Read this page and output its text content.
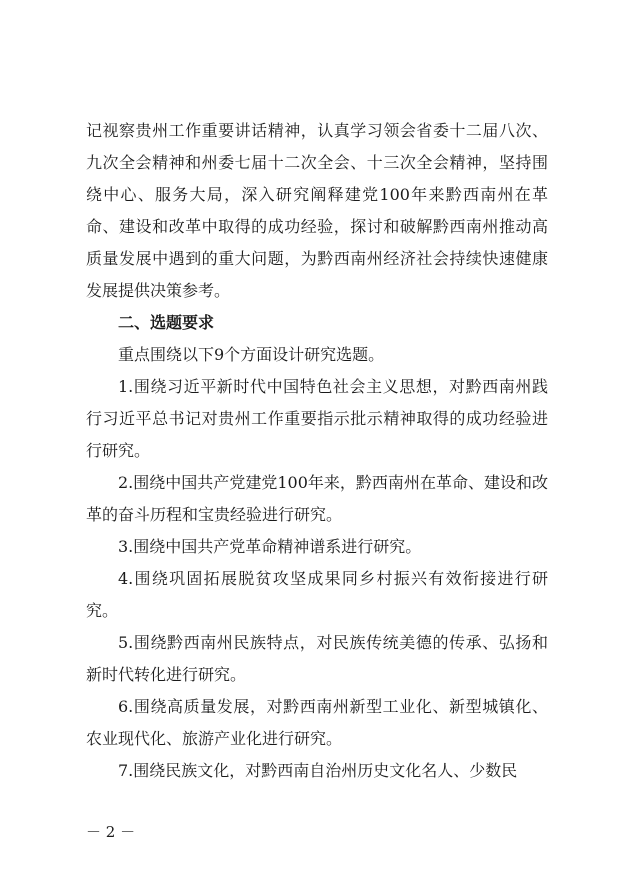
记视察贵州工作重要讲话精神，认真学习领会省委十二届八次、九次全会精神和州委七届十二次全会、十三次全会精神，坚持围绕中心、服务大局，深入研究阐释建党100年来黔西南州在革命、建设和改革中取得的成功经验，探讨和破解黔西南州推动高质量发展中遇到的重大问题，为黔西南州经济社会持续快速健康发展提供决策参考。
二、选题要求
重点围绕以下9个方面设计研究选题。

1.围绕习近平新时代中国特色社会主义思想，对黔西南州践行习近平总书记对贵州工作重要指示批示精神取得的成功经验进行研究。

2.围绕中国共产党建党100年来，黔西南州在革命、建设和改革的奋斗历程和宝贵经验进行研究。

3.围绕中国共产党革命精神谱系进行研究。

4.围绕巩固拓展脱贫攻坚成果同乡村振兴有效衔接进行研究。

5.围绕黔西南州民族特点，对民族传统美德的传承、弘扬和新时代转化进行研究。

6.围绕高质量发展，对黔西南州新型工业化、新型城镇化、农业现代化、旅游产业化进行研究。

7.围绕民族文化，对黔西南自治州历史文化名人、少数民

－ 2 －
